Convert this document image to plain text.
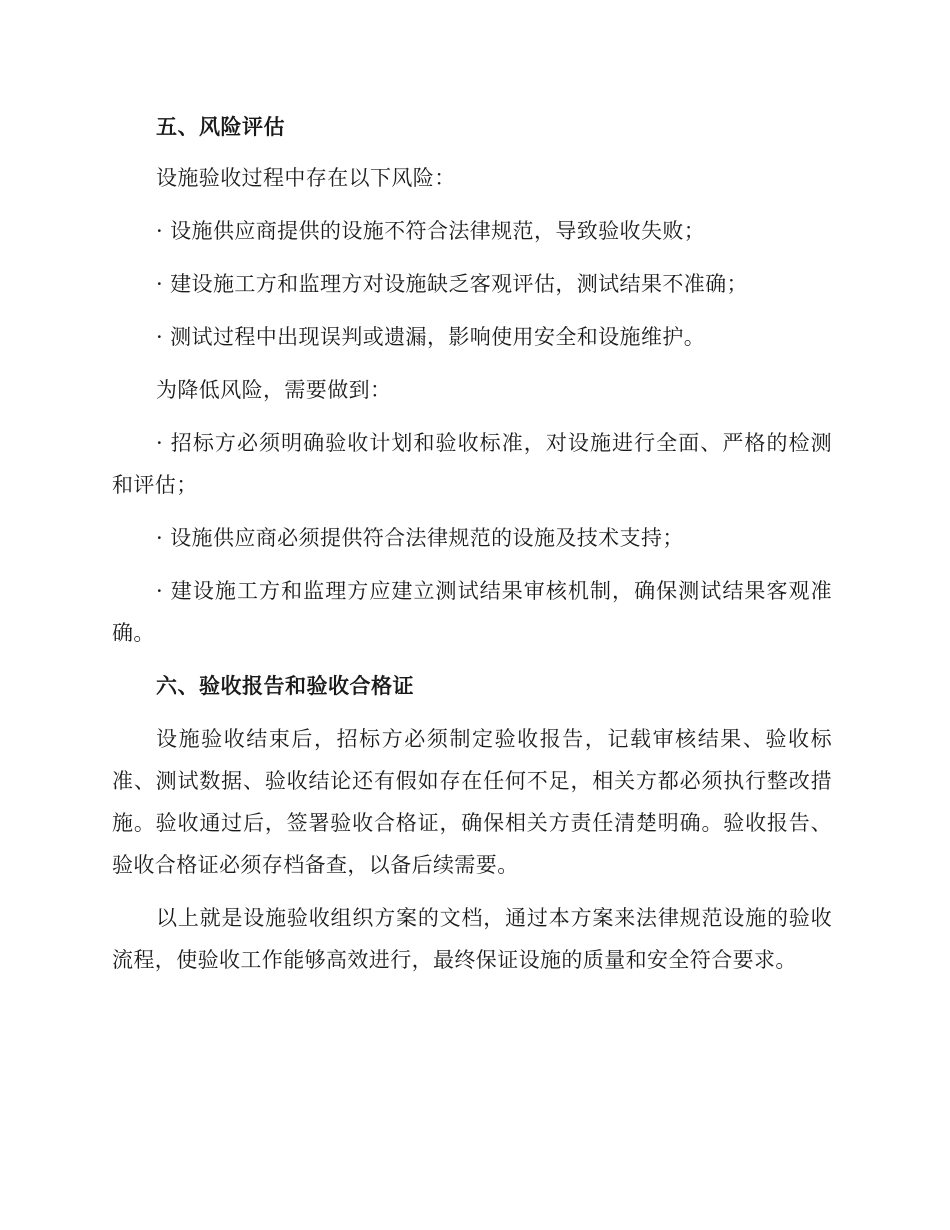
五、风险评估

设施验收过程中存在以下风险：

· 设施供应商提供的设施不符合法律规范，导致验收失败；

· 建设施工方和监理方对设施缺乏客观评估，测试结果不准确；

· 测试过程中出现误判或遗漏，影响使用安全和设施维护。

为降低风险，需要做到：

· 招标方必须明确验收计划和验收标准，对设施进行全面、严格的检测和评估；

· 设施供应商必须提供符合法律规范的设施及技术支持；

· 建设施工方和监理方应建立测试结果审核机制，确保测试结果客观准确。

六、验收报告和验收合格证

设施验收结束后，招标方必须制定验收报告，记载审核结果、验收标准、测试数据、验收结论还有假如存在任何不足，相关方都必须执行整改措施。验收通过后，签署验收合格证，确保相关方责任清楚明确。验收报告、验收合格证必须存档备查，以备后续需要。

以上就是设施验收组织方案的文档，通过本方案来法律规范设施的验收流程，使验收工作能够高效进行，最终保证设施的质量和安全符合要求。
